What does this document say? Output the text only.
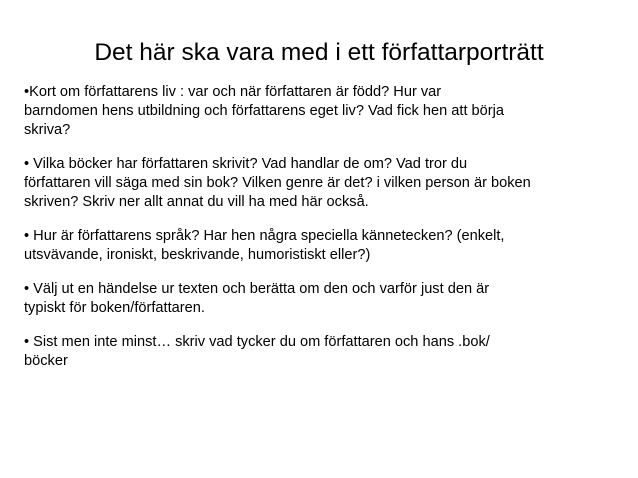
Det här ska vara med i ett författarporträtt

•Kort om författarens liv : var och när författaren är född? Hur var
barndomen hens utbildning och författarens eget liv? Vad fick hen att börja
skriva?

• Vilka böcker har författaren skrivit? Vad handlar de om? Vad tror du
författaren vill säga med sin bok? Vilken genre är det? i vilken person är boken
skriven? Skriv ner allt annat du vill ha med här också.

• Hur är författarens språk? Har hen några speciella kännetecken? (enkelt,
utsvävande, ironiskt, beskrivande, humoristiskt eller?)

• Välj ut en händelse ur texten och berätta om den och varför just den är
typiskt för boken/författaren.

• Sist men inte minst… skriv vad tycker du om författaren och hans .bok/
böcker
